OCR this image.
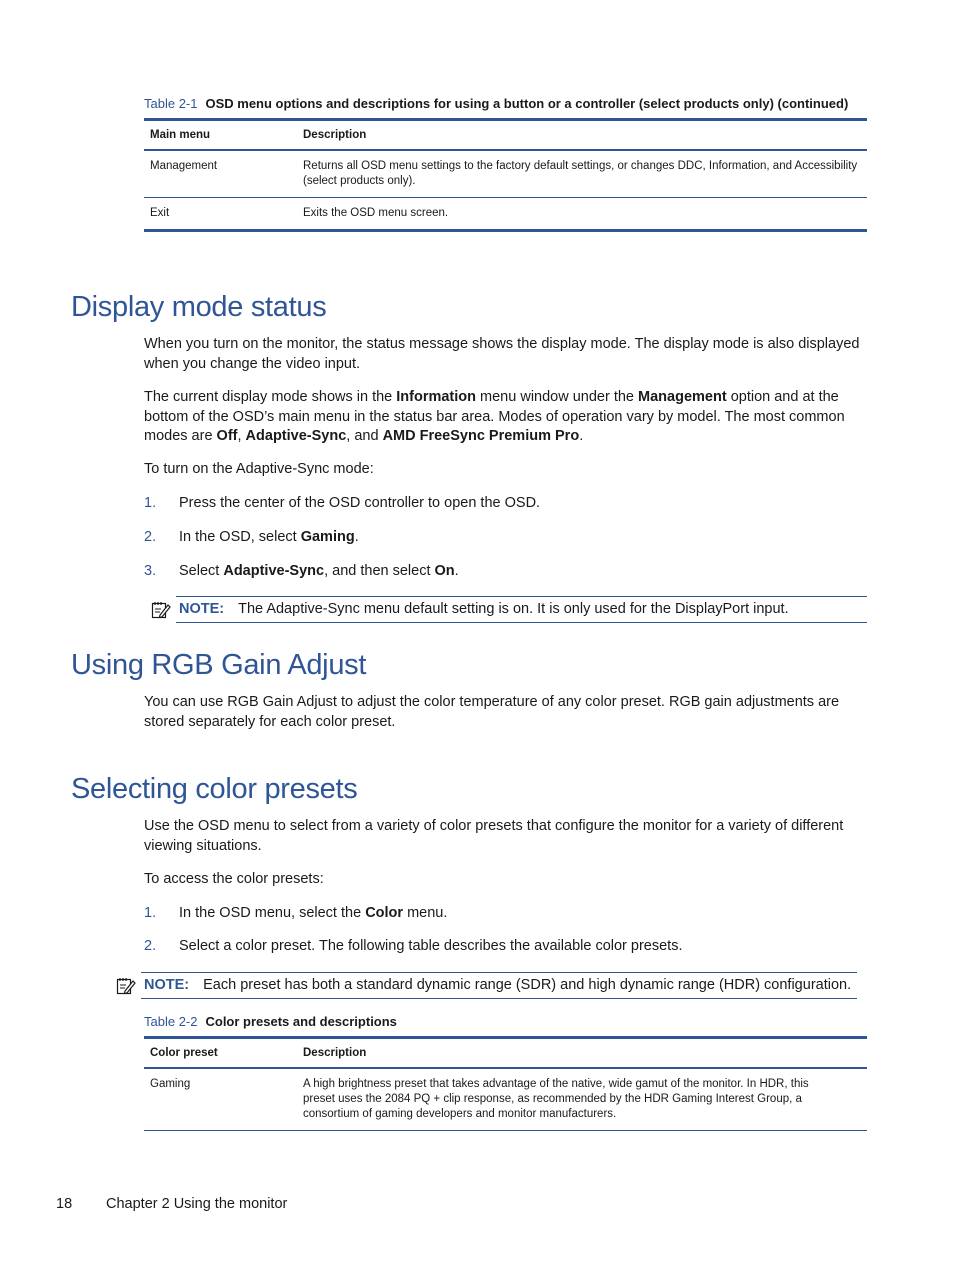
Table 2-1 OSD menu options and descriptions for using a button or a controller (select products only) (continued)
Main menu	Description
Management	Returns all OSD menu settings to the factory default settings, or changes DDC, Information, and Accessibility (select products only).
Exit	Exits the OSD menu screen.
Display mode status

When you turn on the monitor, the status message shows the display mode. The display mode is also displayed when you change the video input.

The current display mode shows in the Information menu window under the Management option and at the bottom of the OSD’s main menu in the status bar area. Modes of operation vary by model. The most common modes are Off, Adaptive-Sync, and AMD FreeSync Premium Pro.

To turn on the Adaptive-Sync mode:

1. Press the center of the OSD controller to open the OSD.
2. In the OSD, select Gaming.
3. Select Adaptive-Sync, and then select On.
NOTE: The Adaptive-Sync menu default setting is on. It is only used for the DisplayPort input.
Using RGB Gain Adjust

You can use RGB Gain Adjust to adjust the color temperature of any color preset. RGB gain adjustments are stored separately for each color preset.

Selecting color presets

Use the OSD menu to select from a variety of color presets that configure the monitor for a variety of different viewing situations.

To access the color presets:

1. In the OSD menu, select the Color menu.
2. Select a color preset. The following table describes the available color presets.
NOTE: Each preset has both a standard dynamic range (SDR) and high dynamic range (HDR) configuration.
Table 2-2 Color presets and descriptions
Color preset	Description
Gaming	A high brightness preset that takes advantage of the native, wide gamut of the monitor. In HDR, this preset uses the 2084 PQ + clip response, as recommended by the HDR Gaming Interest Group, a consortium of gaming developers and monitor manufacturers.
18 Chapter 2 Using the monitor
